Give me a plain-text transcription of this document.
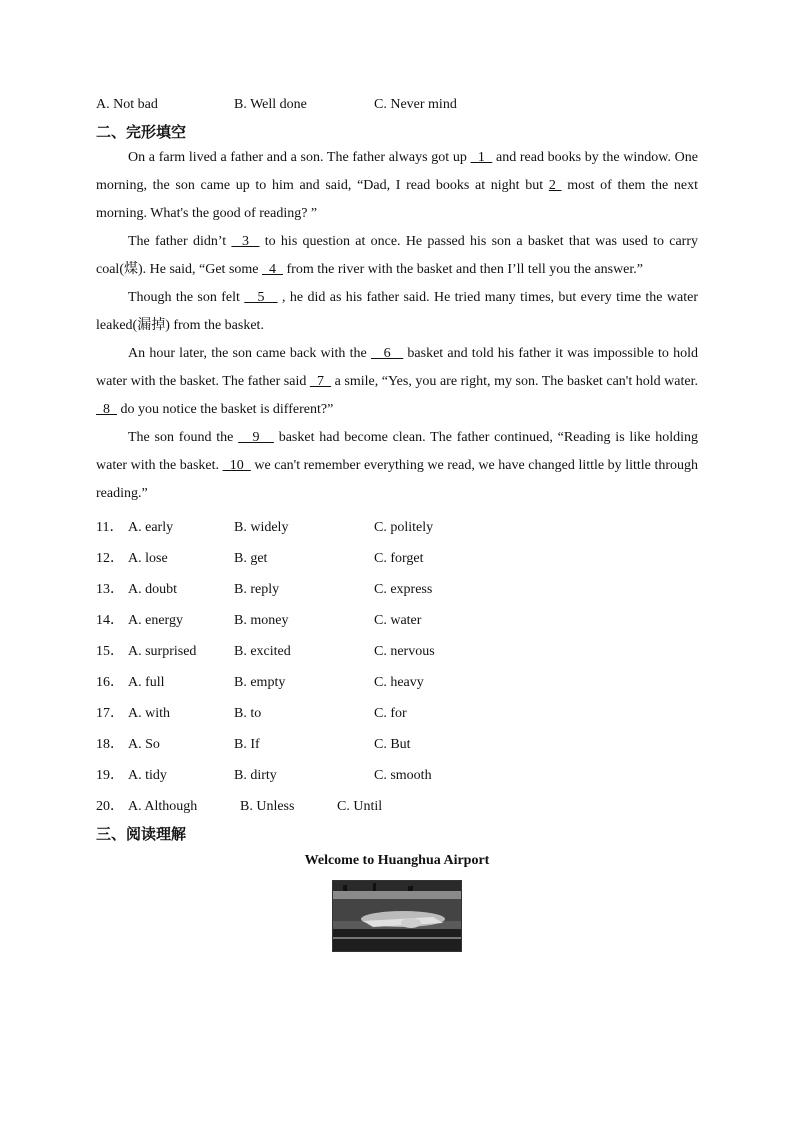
A. Not bad	B. Well done	C. Never mind
二、完形填空

On a farm lived a father and a son. The father always got up   1   and read books by the window. One morning, the son came up to him and said, “Dad, I read books at night but 2  most of them the next morning. What's the good of reading? ”

The father didn’t   3   to his question at once. He passed his son a basket that was used to carry coal(煤). He said, “Get some   4   from the river with the basket and then I’ll tell you the answer.”

Though the son felt    5    , he did as his father said. He tried many times, but every time the water leaked(漏掉) from the basket.

An hour later, the son came back with the    6    basket and told his father it was impossible to hold water with the basket. The father said   7   a smile, “Yes, you are right, my son. The basket can't hold water.   8   do you notice the basket is different?”

The son found the    9    basket had become clean. The father continued, “Reading is like holding water with the basket.   10   we can't remember everything we read, we have changed little by little through reading.”

11． A. early	B. widely	C. politely
12． A. lose	B. get	C. forget
13． A. doubt	B. reply	C. express
14． A. energy	B. money	C. water
15． A. surprised	B. excited	C. nervous
16． A. full	B. empty	C. heavy
17． A. with	B. to	C. for
18． A. So	B. If	C. But
19． A. tidy	B. dirty	C. smooth
20． A. Although	B. Unless	C. Until
三、阅读理解
Welcome to Huanghua Airport
